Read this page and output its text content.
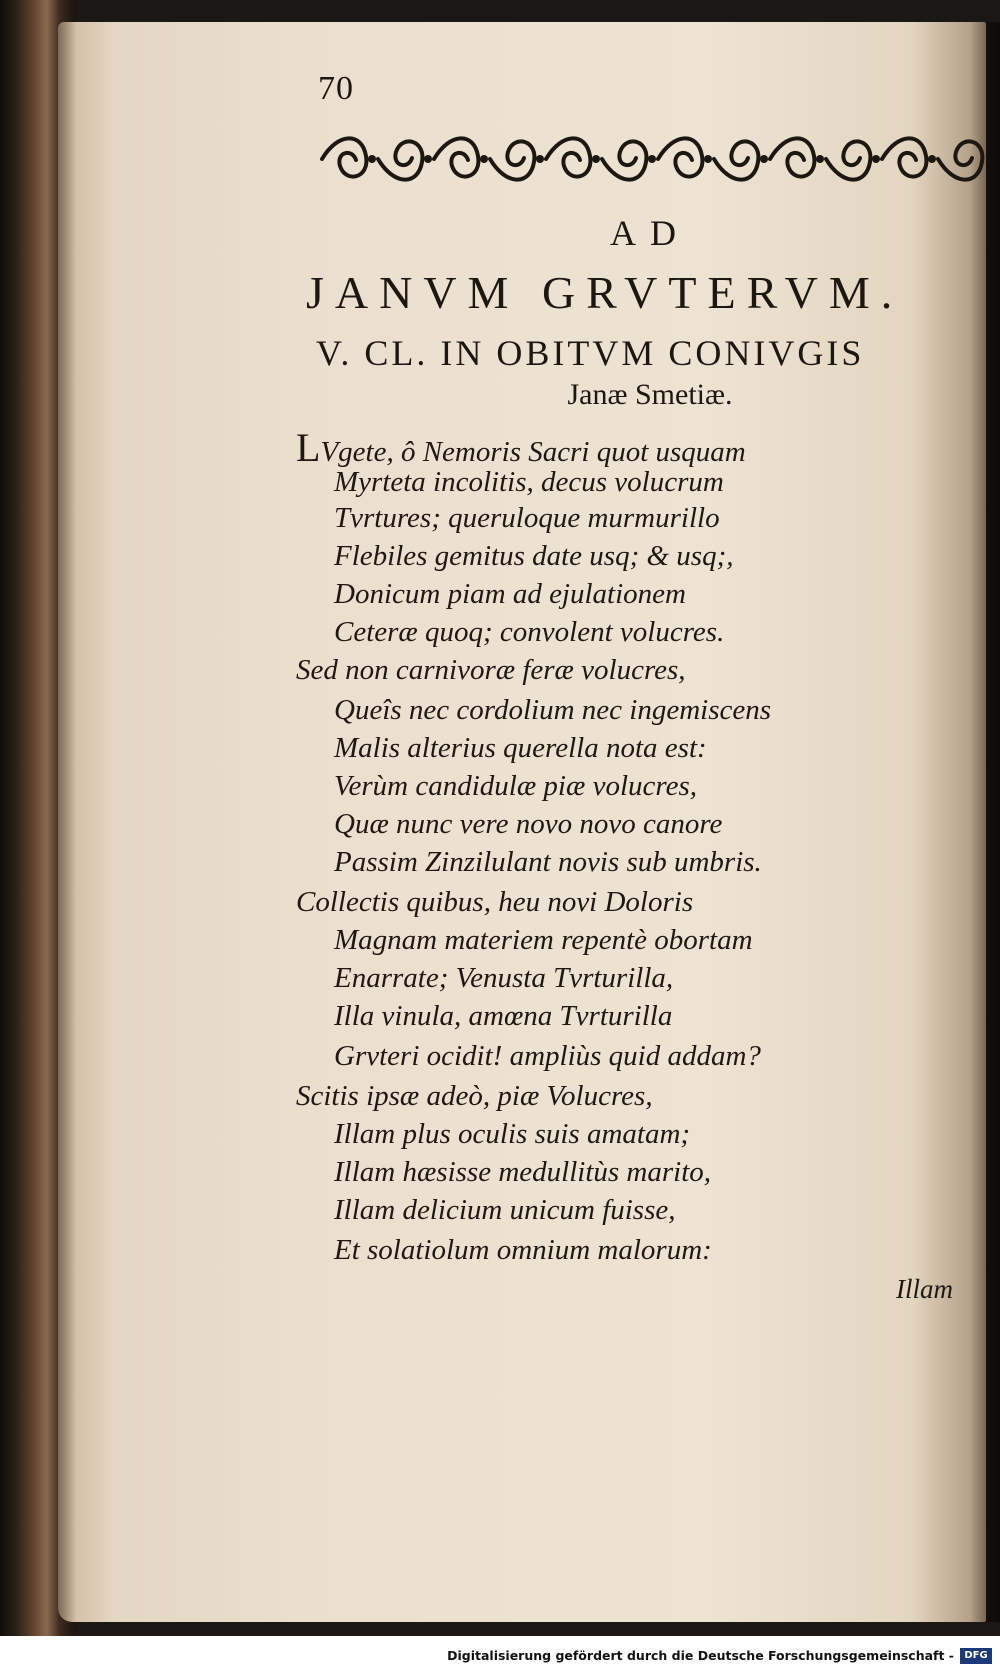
70
AD
JANVM GRVTERVM.
V. CL. IN OBITVM CONIVGIS
Janæ Smetiæ.
LVgete, ô Nemoris Sacri quot usquam
Myrteta incolitis, decus volucrum
Tvrtures; queruloque murmurillo
Flebiles gemitus date usq; & usq;,
Donicum piam ad ejulationem
Ceteræ quoq; convolent volucres.
Sed non carnivoræ feræ volucres,
Queîs nec cordolium nec ingemiscens
Malis alterius querella nota est:
Verùm candidulæ piæ volucres,
Quæ nunc vere novo novo canore
Passim Zinzilulant novis sub umbris.
Collectis quibus, heu novi Doloris
Magnam materiem repentè obortam
Enarrate; Venusta Tvrturilla,
Illa vinula, amœna Tvrturilla
Grvteri ocidit! ampliùs quid addam?
Scitis ipsæ adeò, piæ Volucres,
Illam plus oculis suis amatam;
Illam hæsisse medullitùs marito,
Illam delicium unicum fuisse,
Et solatiolum omnium malorum:
Illam
Digitalisierung gefördert durch die Deutsche Forschungsgemeinschaft -	DFG
